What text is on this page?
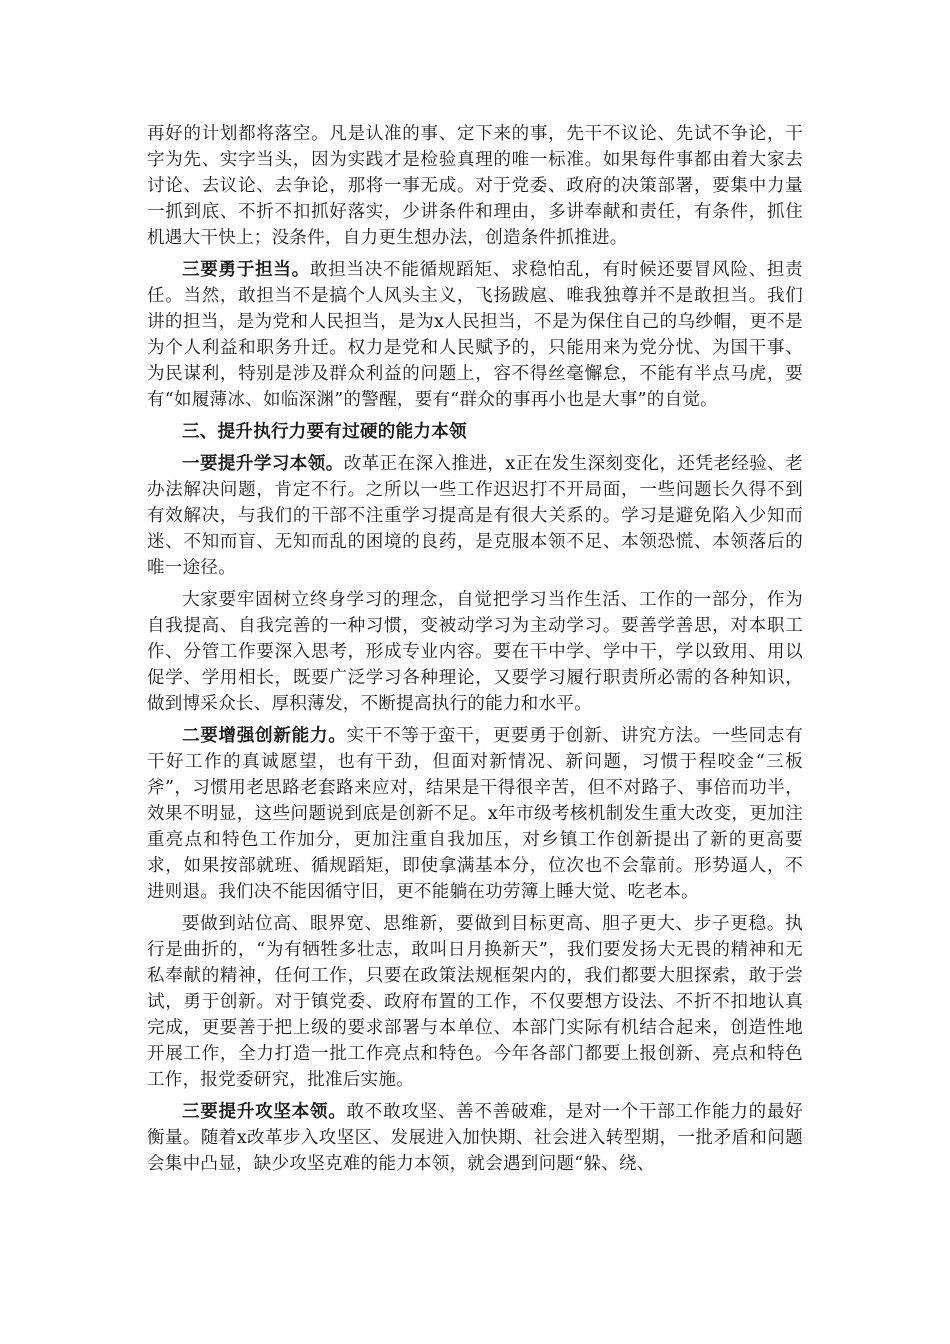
再好的计划都将落空。凡是认准的事、定下来的事，先干不议论、先试不争论，干字为先、实字当头，因为实践才是检验真理的唯一标准。如果每件事都由着大家去讨论、去议论、去争论，那将一事无成。对于党委、政府的决策部署，要集中力量一抓到底、不折不扣抓好落实，少讲条件和理由，多讲奉献和责任，有条件，抓住机遇大干快上；没条件，自力更生想办法，创造条件抓推进。

三要勇于担当。敢担当决不能循规蹈矩、求稳怕乱，有时候还要冒风险、担责任。当然，敢担当不是搞个人风头主义，飞扬跋扈、唯我独尊并不是敢担当。我们讲的担当，是为党和人民担当，是为x人民担当，不是为保住自己的乌纱帽，更不是为个人利益和职务升迁。权力是党和人民赋予的，只能用来为党分忧、为国干事、为民谋利，特别是涉及群众利益的问题上，容不得丝毫懈怠，不能有半点马虎，要有“如履薄冰、如临深渊”的警醒，要有“群众的事再小也是大事”的自觉。

三、提升执行力要有过硬的能力本领

一要提升学习本领。改革正在深入推进，x正在发生深刻变化，还凭老经验、老办法解决问题，肯定不行。之所以一些工作迟迟打不开局面，一些问题长久得不到有效解决，与我们的干部不注重学习提高是有很大关系的。学习是避免陷入少知而迷、不知而盲、无知而乱的困境的良药，是克服本领不足、本领恐慌、本领落后的唯一途径。

大家要牢固树立终身学习的理念，自觉把学习当作生活、工作的一部分，作为自我提高、自我完善的一种习惯，变被动学习为主动学习。要善学善思，对本职工作、分管工作要深入思考，形成专业内容。要在干中学、学中干，学以致用、用以促学、学用相长，既要广泛学习各种理论，又要学习履行职责所必需的各种知识，做到博采众长、厚积薄发，不断提高执行的能力和水平。

二要增强创新能力。实干不等于蛮干，更要勇于创新、讲究方法。一些同志有干好工作的真诚愿望，也有干劲，但面对新情况、新问题，习惯于程咬金“三板斧”，习惯用老思路老套路来应对，结果是干得很辛苦，但不对路子、事倍而功半，效果不明显，这些问题说到底是创新不足。x年市级考核机制发生重大改变，更加注重亮点和特色工作加分，更加注重自我加压，对乡镇工作创新提出了新的更高要求，如果按部就班、循规蹈矩，即使拿满基本分，位次也不会靠前。形势逼人，不进则退。我们决不能因循守旧，更不能躺在功劳簿上睡大觉、吃老本。

要做到站位高、眼界宽、思维新，要做到目标更高、胆子更大、步子更稳。执行是曲折的，“为有牺牲多壮志，敢叫日月换新天”，我们要发扬大无畏的精神和无私奉献的精神，任何工作，只要在政策法规框架内的，我们都要大胆探索，敢于尝试，勇于创新。对于镇党委、政府布置的工作，不仅要想方设法、不折不扣地认真完成，更要善于把上级的要求部署与本单位、本部门实际有机结合起来，创造性地开展工作，全力打造一批工作亮点和特色。今年各部门都要上报创新、亮点和特色工作，报党委研究，批准后实施。

三要提升攻坚本领。敢不敢攻坚、善不善破难，是对一个干部工作能力的最好衡量。随着x改革步入攻坚区、发展进入加快期、社会进入转型期，一批矛盾和问题会集中凸显，缺少攻坚克难的能力本领，就会遇到问题“躲、绕、
